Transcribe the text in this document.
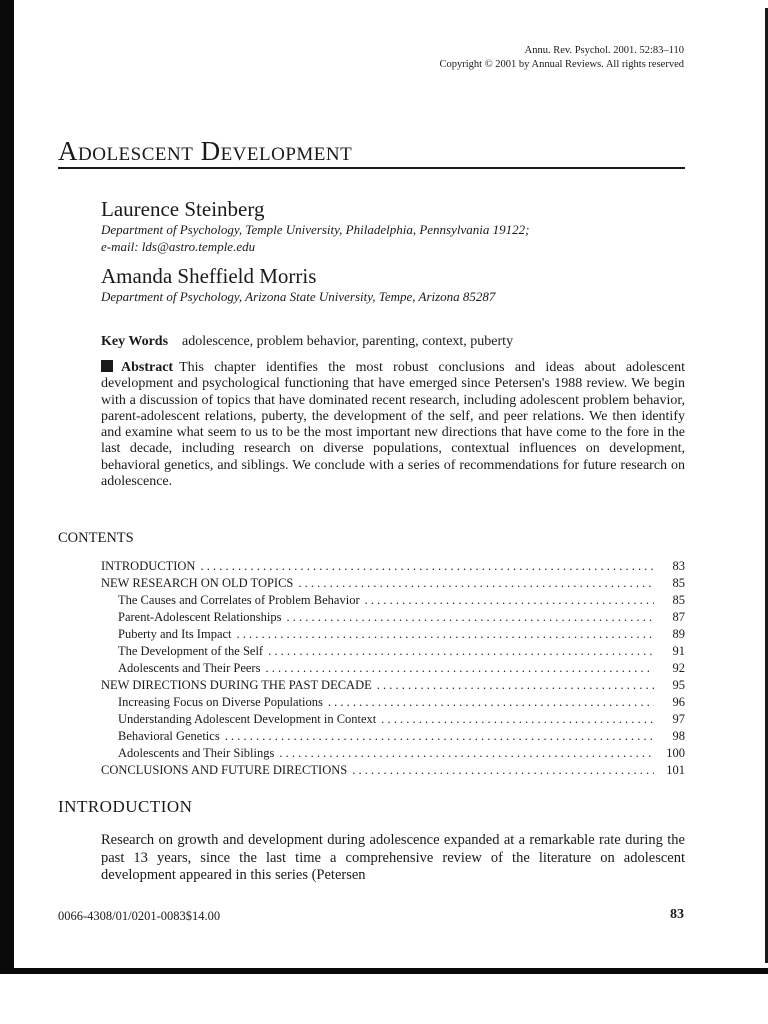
Annu. Rev. Psychol. 2001. 52:83–110
Copyright © 2001 by Annual Reviews. All rights reserved
Adolescent Development
Laurence Steinberg
Department of Psychology, Temple University, Philadelphia, Pennsylvania 19122;
e-mail: lds@astro.temple.edu
Amanda Sheffield Morris
Department of Psychology, Arizona State University, Tempe, Arizona 85287
Key Words adolescence, problem behavior, parenting, context, puberty

Abstract This chapter identifies the most robust conclusions and ideas about adolescent development and psychological functioning that have emerged since Petersen's 1988 review. We begin with a discussion of topics that have dominated recent research, including adolescent problem behavior, parent-adolescent relations, puberty, the development of the self, and peer relations. We then identify and examine what seem to us to be the most important new directions that have come to the fore in the last decade, including research on diverse populations, contextual influences on development, behavioral genetics, and siblings. We conclude with a series of recommendations for future research on adolescence.

CONTENTS
INTRODUCTION . . .	83
NEW RESEARCH ON OLD TOPICS . . .	85
The Causes and Correlates of Problem Behavior . . .	85
Parent-Adolescent Relationships . . .	87
Puberty and Its Impact . . .	89
The Development of the Self . . .	91
Adolescents and Their Peers . . .	92
NEW DIRECTIONS DURING THE PAST DECADE . . .	95
Increasing Focus on Diverse Populations . . .	96
Understanding Adolescent Development in Context . . .	97
Behavioral Genetics . . .	98
Adolescents and Their Siblings . . .	100
CONCLUSIONS AND FUTURE DIRECTIONS . . .	101
INTRODUCTION

Research on growth and development during adolescence expanded at a remarkable rate during the past 13 years, since the last time a comprehensive review of the literature on adolescent development appeared in this series (Petersen

0066-4308/01/0201-0083$14.00	83
